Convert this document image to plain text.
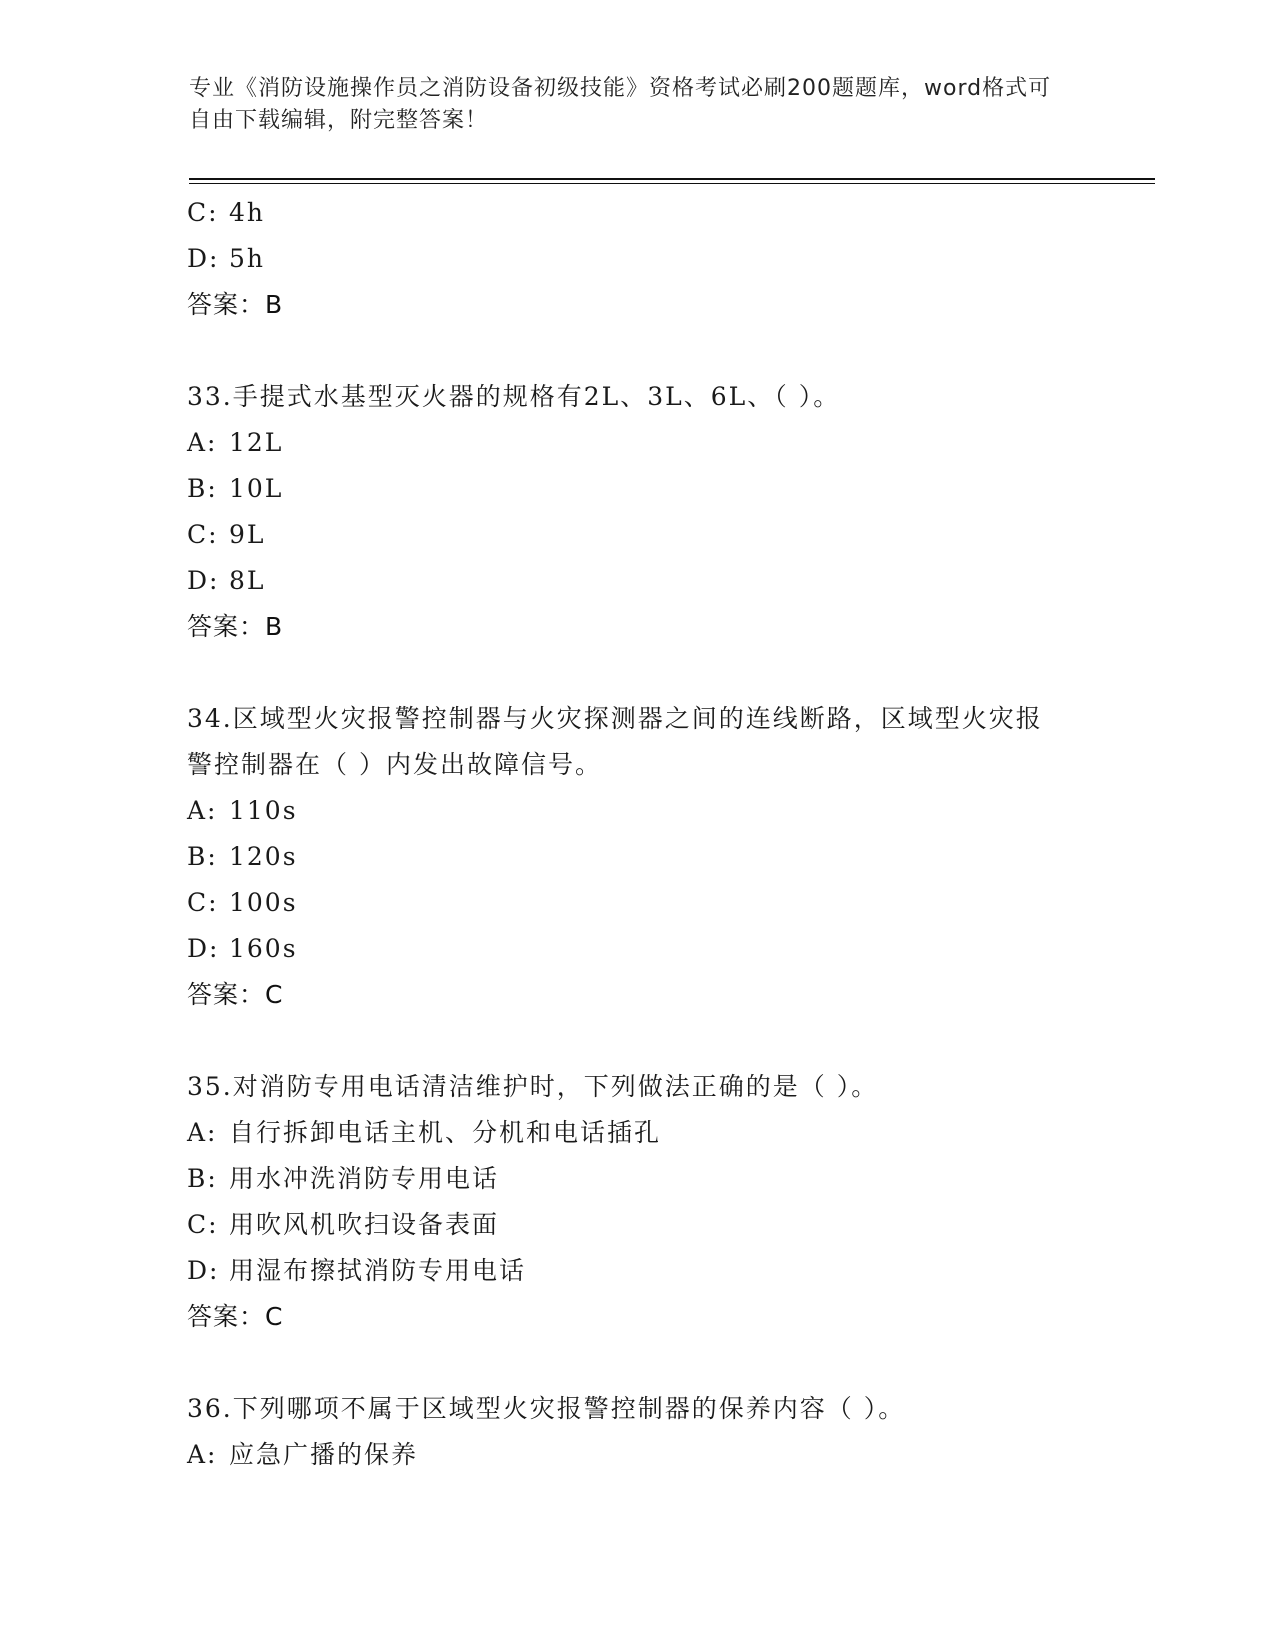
专业《消防设施操作员之消防设备初级技能》资格考试必刷200题题库，word格式可自由下载编辑，附完整答案！
C: 4h
D: 5h
答案：B
33.手提式水基型灭火器的规格有2L、3L、6L、（ ）。
A: 12L
B: 10L
C: 9L
D: 8L
答案：B
34.区域型火灾报警控制器与火灾探测器之间的连线断路，区域型火灾报警控制器在（ ）内发出故障信号。
A: 110s
B: 120s
C: 100s
D: 160s
答案：C
35.对消防专用电话清洁维护时，下列做法正确的是（ ）。
A: 自行拆卸电话主机、分机和电话插孔
B: 用水冲洗消防专用电话
C: 用吹风机吹扫设备表面
D: 用湿布擦拭消防专用电话
答案：C
36.下列哪项不属于区域型火灾报警控制器的保养内容（ ）。
A: 应急广播的保养
